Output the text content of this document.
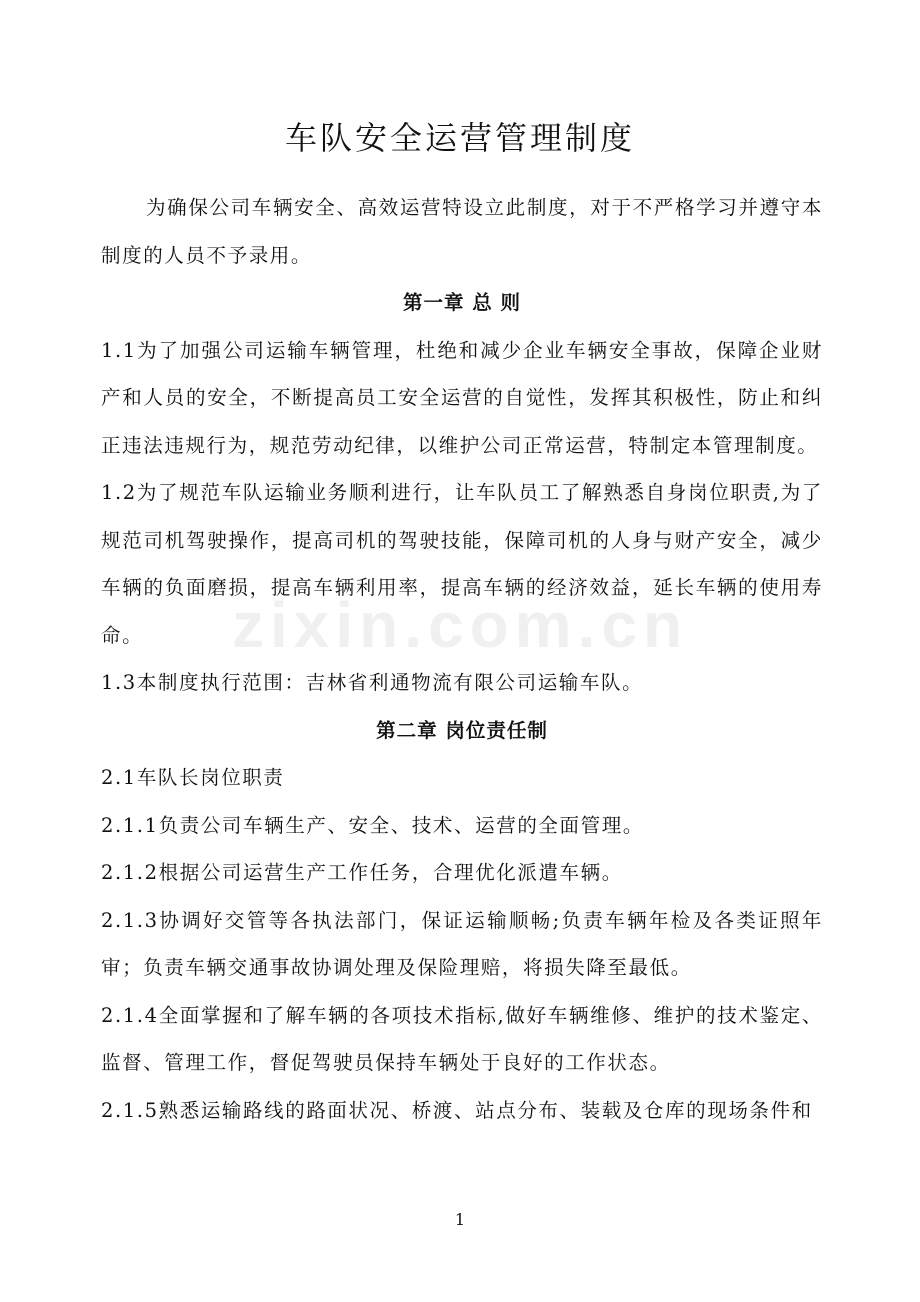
zixin.com.cn
车队安全运营管理制度

为确保公司车辆安全、高效运营特设立此制度，对于不严格学习并遵守本制度的人员不予录用。

第一章 总 则

1.1为了加强公司运输车辆管理，杜绝和减少企业车辆安全事故，保障企业财产和人员的安全，不断提高员工安全运营的自觉性，发挥其积极性，防止和纠正违法违规行为，规范劳动纪律，以维护公司正常运营，特制定本管理制度。

1.2为了规范车队运输业务顺利进行，让车队员工了解熟悉自身岗位职责,为了规范司机驾驶操作，提高司机的驾驶技能，保障司机的人身与财产安全，减少车辆的负面磨损，提高车辆利用率，提高车辆的经济效益，延长车辆的使用寿命。

1.3本制度执行范围：吉林省利通物流有限公司运输车队。

第二章 岗位责任制

2.1车队长岗位职责

2.1.1负责公司车辆生产、安全、技术、运营的全面管理。

2.1.2根据公司运营生产工作任务，合理优化派遣车辆。

2.1.3协调好交管等各执法部门，保证运输顺畅;负责车辆年检及各类证照年审；负责车辆交通事故协调处理及保险理赔，将损失降至最低。

2.1.4全面掌握和了解车辆的各项技术指标,做好车辆维修、维护的技术鉴定、监督、管理工作，督促驾驶员保持车辆处于良好的工作状态。

2.1.5熟悉运输路线的路面状况、桥渡、站点分布、装载及仓库的现场条件和

1
